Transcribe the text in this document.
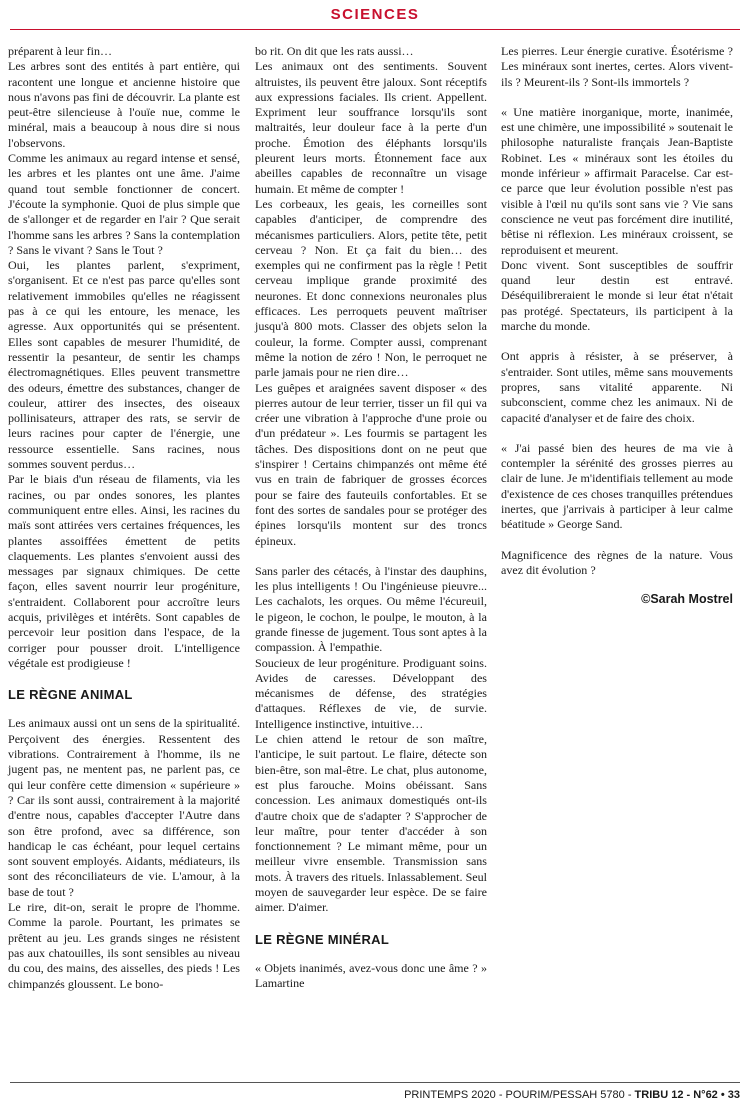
SCIENCES

préparent à leur fin…

Les arbres sont des entités à part entière, qui racontent une longue et ancienne histoire que nous n'avons pas fini de découvrir. La plante est peut-être silencieuse à l'ouïe nue, comme le minéral, mais a beaucoup à nous dire si nous l'observons.

Comme les animaux au regard intense et sensé, les arbres et les plantes ont une âme. J'aime quand tout semble fonctionner de concert. J'écoute la symphonie. Quoi de plus simple que de s'allonger et de regarder en l'air ? Que serait l'homme sans les arbres ? Sans la contemplation ? Sans le vivant ? Sans le Tout ?

Oui, les plantes parlent, s'expriment, s'organisent. Et ce n'est pas parce qu'elles sont relativement immobiles qu'elles ne réagissent pas à ce qui les entoure, les menace, les agresse. Aux opportunités qui se présentent. Elles sont capables de mesurer l'humidité, de ressentir la pesanteur, de sentir les champs électromagnétiques. Elles peuvent transmettre des odeurs, émettre des substances, changer de couleur, attirer des insectes, des oiseaux pollinisateurs, attraper des rats, se servir de leurs racines pour capter de l'énergie, une ressource essentielle. Sans racines, nous sommes souvent perdus…

Par le biais d'un réseau de filaments, via les racines, ou par ondes sonores, les plantes communiquent entre elles. Ainsi, les racines du maïs sont attirées vers certaines fréquences, les plantes assoiffées émettent de petits claquements. Les plantes s'envoient aussi des messages par signaux chimiques. De cette façon, elles savent nourrir leur progéniture, s'entraident. Collaborent pour accroître leurs acquis, privilèges et intérêts. Sont capables de percevoir leur position dans l'espace, de la corriger pour pousser droit. L'intelligence végétale est prodigieuse !

LE RÈGNE ANIMAL

Les animaux aussi ont un sens de la spiritualité. Perçoivent des énergies. Ressentent des vibrations. Contrairement à l'homme, ils ne jugent pas, ne mentent pas, ne parlent pas, ce qui leur confère cette dimension « supérieure » ? Car ils sont aussi, contrairement à la majorité d'entre nous, capables d'accepter l'Autre dans son être profond, avec sa différence, son handicap le cas échéant, pour lequel certains sont souvent employés. Aidants, médiateurs, ils sont des réconciliateurs de vie. L'amour, à la base de tout ?

Le rire, dit-on, serait le propre de l'homme. Comme la parole. Pourtant, les primates se prêtent au jeu. Les grands singes ne résistent pas aux chatouilles, ils sont sensibles au niveau du cou, des mains, des aisselles, des pieds ! Les chimpanzés gloussent. Le bono-

bo rit. On dit que les rats aussi…

Les animaux ont des sentiments. Souvent altruistes, ils peuvent être jaloux. Sont réceptifs aux expressions faciales. Ils crient. Appellent. Expriment leur souffrance lorsqu'ils sont maltraités, leur douleur face à la perte d'un proche. Émotion des éléphants lorsqu'ils pleurent leurs morts. Étonnement face aux abeilles capables de reconnaître un visage humain. Et même de compter !

Les corbeaux, les geais, les corneilles sont capables d'anticiper, de comprendre des mécanismes particuliers. Alors, petite tête, petit cerveau ? Non. Et ça fait du bien… des exemples qui ne confirment pas la règle ! Petit cerveau implique grande proximité des neurones. Et donc connexions neuronales plus efficaces. Les perroquets peuvent maîtriser jusqu'à 800 mots. Classer des objets selon la couleur, la forme. Compter aussi, comprenant même la notion de zéro ! Non, le perroquet ne parle jamais pour ne rien dire…

Les guêpes et araignées savent disposer « des pierres autour de leur terrier, tisser un fil qui va créer une vibration à l'approche d'une proie ou d'un prédateur ». Les fourmis se partagent les tâches. Des dispositions dont on ne peut que s'inspirer ! Certains chimpanzés ont même été vus en train de fabriquer de grosses écorces pour se faire des fauteuils confortables. Et se font des sortes de sandales pour se protéger des épines lorsqu'ils montent sur des troncs épineux.

Sans parler des cétacés, à l'instar des dauphins, les plus intelligents ! Ou l'ingénieuse pieuvre... Les cachalots, les orques. Ou même l'écureuil, le pigeon, le cochon, le poulpe, le mouton, à la grande finesse de jugement. Tous sont aptes à la compassion. À l'empathie.

Soucieux de leur progéniture. Prodiguant soins. Avides de caresses. Développant des mécanismes de défense, des stratégies d'attaques. Réflexes de vie, de survie. Intelligence instinctive, intuitive…

Le chien attend le retour de son maître, l'anticipe, le suit partout. Le flaire, détecte son bien-être, son mal-être. Le chat, plus autonome, est plus farouche. Moins obéissant. Sans concession. Les animaux domestiqués ont-ils d'autre choix que de s'adapter ? S'approcher de leur maître, pour tenter d'accéder à son fonctionnement ? Le mimant même, pour un meilleur vivre ensemble. Transmission sans mots. À travers des rituels. Inlassablement. Seul moyen de sauvegarder leur espèce. De se faire aimer. D'aimer.

LE RÈGNE MINÉRAL

« Objets inanimés, avez-vous donc une âme ? » Lamartine

Les pierres. Leur énergie curative. Ésotérisme ? Les minéraux sont inertes, certes. Alors vivent-ils ? Meurent-ils ? Sont-ils immortels ?

« Une matière inorganique, morte, inanimée, est une chimère, une impossibilité » soutenait le philosophe naturaliste français Jean-Baptiste Robinet. Les « minéraux sont les étoiles du monde inférieur » affirmait Paracelse. Car est-ce parce que leur évolution possible n'est pas visible à l'œil nu qu'ils sont sans vie ? Vie sans conscience ne veut pas forcément dire inutilité, bêtise ni réflexion. Les minéraux croissent, se reproduisent et meurent.

Donc vivent. Sont susceptibles de souffrir quand leur destin est entravé. Déséquilibreraient le monde si leur état n'était pas protégé. Spectateurs, ils participent à la marche du monde.

Ont appris à résister, à se préserver, à s'entraider. Sont utiles, même sans mouvements propres, sans vitalité apparente. Ni subconscient, comme chez les animaux. Ni de capacité d'analyser et de faire des choix.

« J'ai passé bien des heures de ma vie à contempler la sérénité des grosses pierres au clair de lune. Je m'identifiais tellement au mode d'existence de ces choses tranquilles prétendues inertes, que j'arrivais à participer à leur calme béatitude » George Sand.

Magnificence des règnes de la nature. Vous avez dit évolution ?

©Sarah Mostrel
PRINTEMPS 2020 - POURIM/PESSAH 5780 - TRIBU 12 - N°62 • 33
